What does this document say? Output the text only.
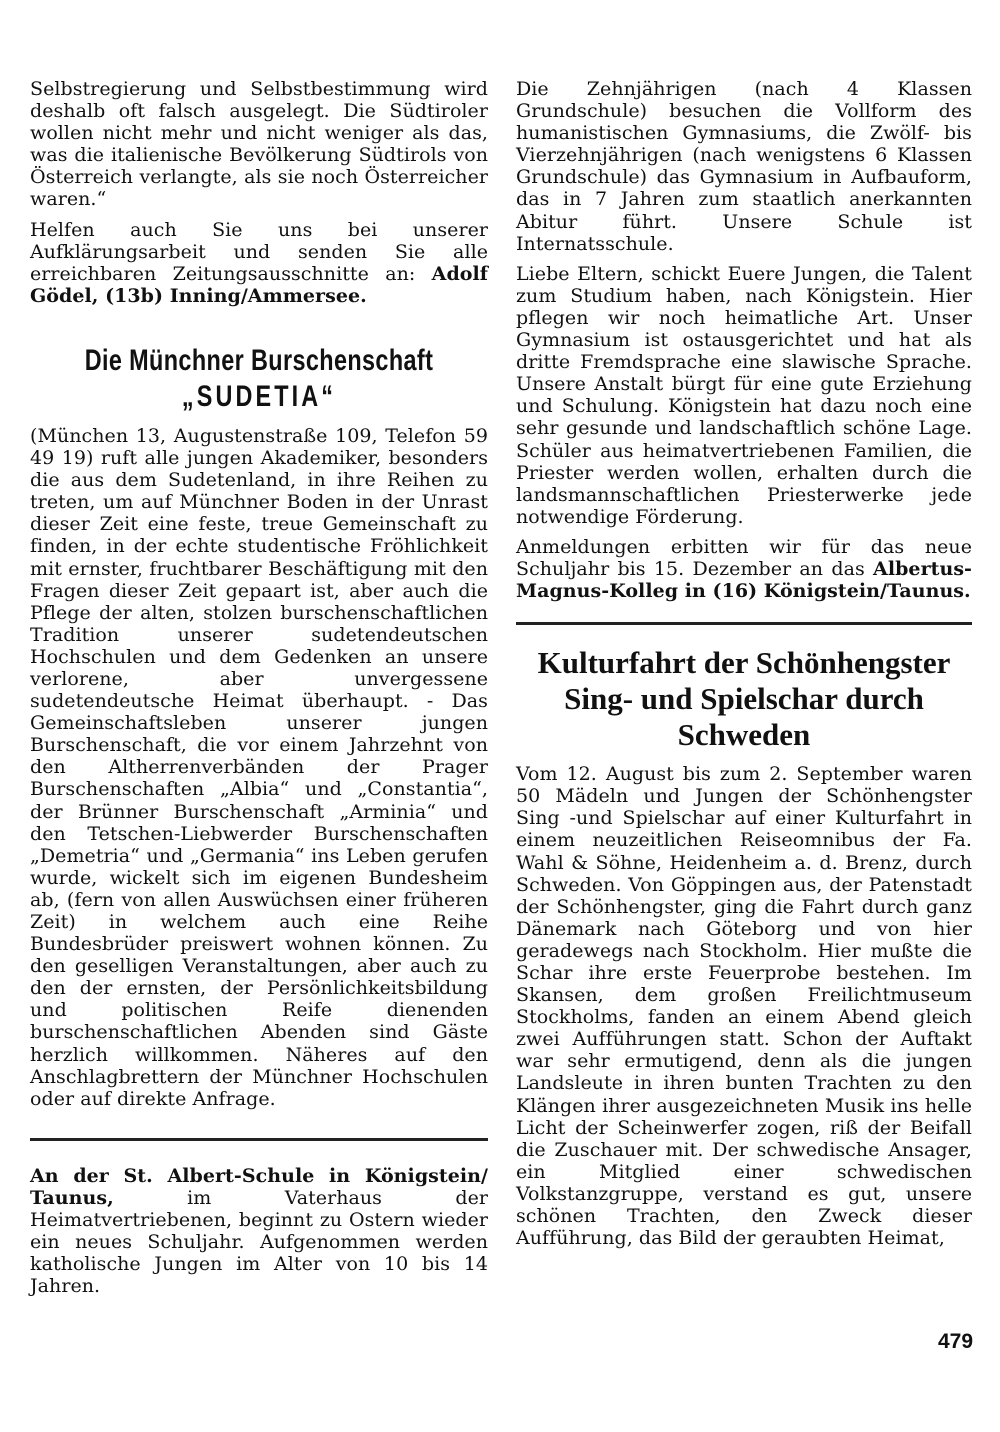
Selbstregierung und Selbstbestimmung wird deshalb oft falsch ausgelegt. Die Südtiroler wollen nicht mehr und nicht weniger als das, was die italienische Bevölkerung Südtirols von Österreich verlangte, als sie noch Österreicher waren.“

Helfen auch Sie uns bei unserer Aufklärungsarbeit und senden Sie alle erreichbaren Zeitungsausschnitte an: Adolf Gödel, (13b) Inning/Ammersee.

Die Münchner Burschenschaft
„SUDETIA“

(München 13, Augustenstraße 109, Telefon 59 49 19) ruft alle jungen Akademiker, besonders die aus dem Sudetenland, in ihre Reihen zu treten, um auf Münchner Boden in der Unrast dieser Zeit eine feste, treue Gemeinschaft zu finden, in der echte studentische Fröhlichkeit mit ernster, fruchtbarer Beschäftigung mit den Fragen dieser Zeit gepaart ist, aber auch die Pflege der alten, stolzen burschenschaftlichen Tradition unserer sudetendeutschen Hochschulen und dem Gedenken an unsere verlorene, aber unvergessene sudetendeutsche Heimat überhaupt. - Das Gemeinschaftsleben unserer jungen Burschenschaft, die vor einem Jahrzehnt von den Altherrenverbänden der Prager Burschenschaften „Albia“ und „Constantia“, der Brünner Burschenschaft „Arminia“ und den Tetschen-Liebwerder Burschenschaften „Demetria“ und „Germania“ ins Leben gerufen wurde, wickelt sich im eigenen Bundesheim ab, (fern von allen Auswüchsen einer früheren Zeit) in welchem auch eine Reihe Bundesbrüder preiswert wohnen können. Zu den geselligen Veranstaltungen, aber auch zu den der ernsten, der Persönlichkeitsbildung und politischen Reife dienenden burschenschaftlichen Abenden sind Gäste herzlich willkommen. Näheres auf den Anschlagbrettern der Münchner Hochschulen oder auf direkte Anfrage.

An der St. Albert-Schule in Königstein/ Taunus, im Vaterhaus der Heimatvertriebenen, beginnt zu Ostern wieder ein neues Schuljahr. Aufgenommen werden katholische Jungen im Alter von 10 bis 14 Jahren.

Die Zehnjährigen (nach 4 Klassen Grundschule) besuchen die Vollform des humanistischen Gymnasiums, die Zwölf- bis Vierzehnjährigen (nach wenigstens 6 Klassen Grundschule) das Gymnasium in Aufbauform, das in 7 Jahren zum staatlich anerkannten Abitur führt. Unsere Schule ist Internatsschule.

Liebe Eltern, schickt Euere Jungen, die Talent zum Studium haben, nach Königstein. Hier pflegen wir noch heimatliche Art. Unser Gymnasium ist ostausgerichtet und hat als dritte Fremdsprache eine slawische Sprache. Unsere Anstalt bürgt für eine gute Erziehung und Schulung. Königstein hat dazu noch eine sehr gesunde und landschaftlich schöne Lage. Schüler aus heimatvertriebenen Familien, die Priester werden wollen, erhalten durch die landsmannschaftlichen Priesterwerke jede notwendige Förderung.

Anmeldungen erbitten wir für das neue Schuljahr bis 15. Dezember an das Albertus-Magnus-Kolleg in (16) Königstein/Taunus.

Kulturfahrt der Schönhengster Sing- und Spielschar durch Schweden

Vom 12. August bis zum 2. September waren 50 Mädeln und Jungen der Schönhengster Sing -und Spielschar auf einer Kulturfahrt in einem neuzeitlichen Reiseomnibus der Fa. Wahl & Söhne, Heidenheim a. d. Brenz, durch Schweden. Von Göppingen aus, der Patenstadt der Schönhengster, ging die Fahrt durch ganz Dänemark nach Göteborg und von hier geradewegs nach Stockholm. Hier mußte die Schar ihre erste Feuerprobe bestehen. Im Skansen, dem großen Freilichtmuseum Stockholms, fanden an einem Abend gleich zwei Aufführungen statt. Schon der Auftakt war sehr ermutigend, denn als die jungen Landsleute in ihren bunten Trachten zu den Klängen ihrer ausgezeichneten Musik ins helle Licht der Scheinwerfer zogen, riß der Beifall die Zuschauer mit. Der schwedische Ansager, ein Mitglied einer schwedischen Volkstanzgruppe, verstand es gut, unsere schönen Trachten, den Zweck dieser Aufführung, das Bild der geraubten Heimat,

479
